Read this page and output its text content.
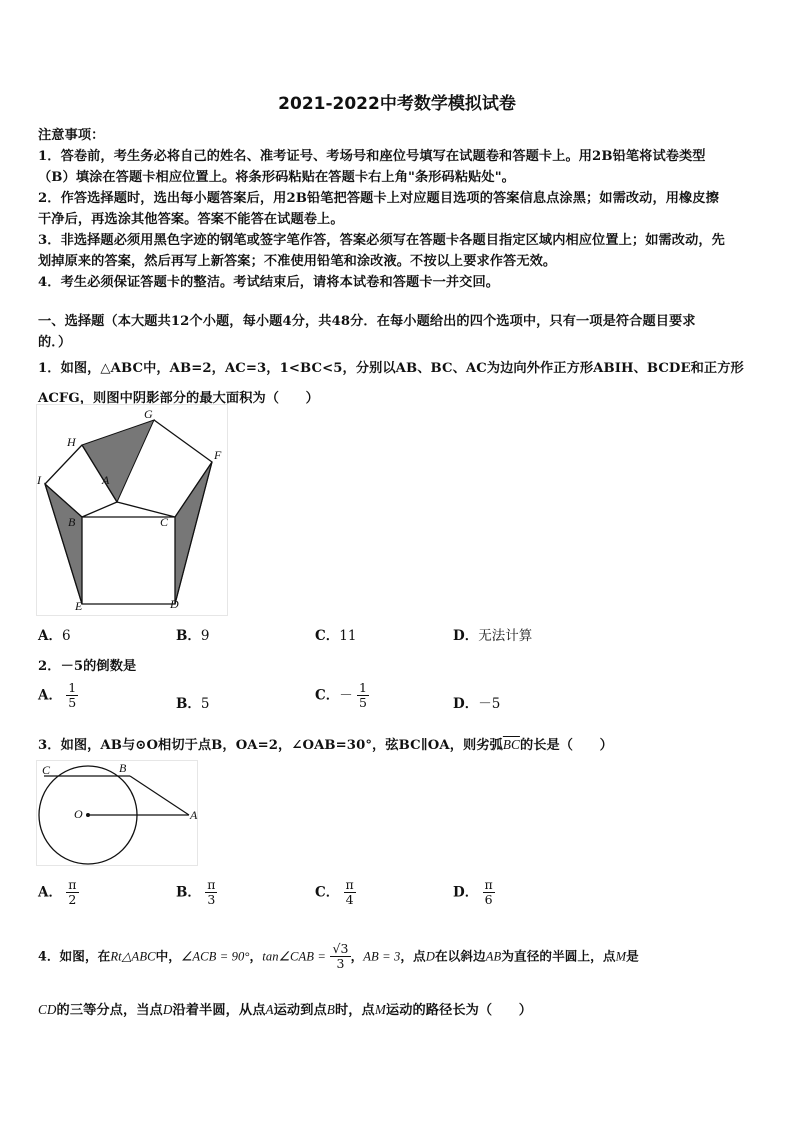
2021-2022中考数学模拟试卷
注意事项：
1．答卷前，考生务必将自己的姓名、准考证号、考场号和座位号填写在试题卷和答题卡上。用2B铅笔将试卷类型
（B）填涂在答题卡相应位置上。将条形码粘贴在答题卡右上角"条形码粘贴处"。
2．作答选择题时，选出每小题答案后，用2B铅笔把答题卡上对应题目选项的答案信息点涂黑；如需改动，用橡皮擦
干净后，再选涂其他答案。答案不能答在试题卷上。
3．非选择题必须用黑色字迹的钢笔或签字笔作答，答案必须写在答题卡各题目指定区域内相应位置上；如需改动，先
划掉原来的答案，然后再写上新答案；不准使用铅笔和涂改液。不按以上要求作答无效。
4．考生必须保证答题卡的整洁。考试结束后，请将本试卷和答题卡一并交回。
一、选择题（本大题共12个小题，每小题4分，共48分．在每小题给出的四个选项中，只有一项是符合题目要求
的．）
1．如图，△ABC中，AB=2，AC=3，1<BC<5，分别以AB、BC、AC为边向外作正方形ABIH、BCDE和正方形
ACFG，则图中阴影部分的最大面积为（　　）
G
H
F
I	A
B	C
E	D
A．6	B．9	C．11	D．无法计算
2．－5的倒数是
A． $\frac{1}{5}$	B．5
C．－ $\frac{1}{5}$	D．－5
3．如图，AB与⊙O相切于点B，OA=2，∠OAB=30°，弦BC∥OA，则劣弧$\overline{BC}$的长是（　　）
C	B
O	A
A． $\frac{\pi}{2}$	B． $\frac{\pi}{3}$	C． $\frac{\pi}{4}$	D． $\frac{\pi}{6}$
4．如图，在Rt△ABC中，∠ACB = 90°，tan∠CAB = $\frac{√3}{3}$ ，AB = 3，点D在以斜边AB为直径的半圆上，点M是
CD的三等分点，当点D沿着半圆，从点A运动到点B时，点M运动的路径长为（　　）
